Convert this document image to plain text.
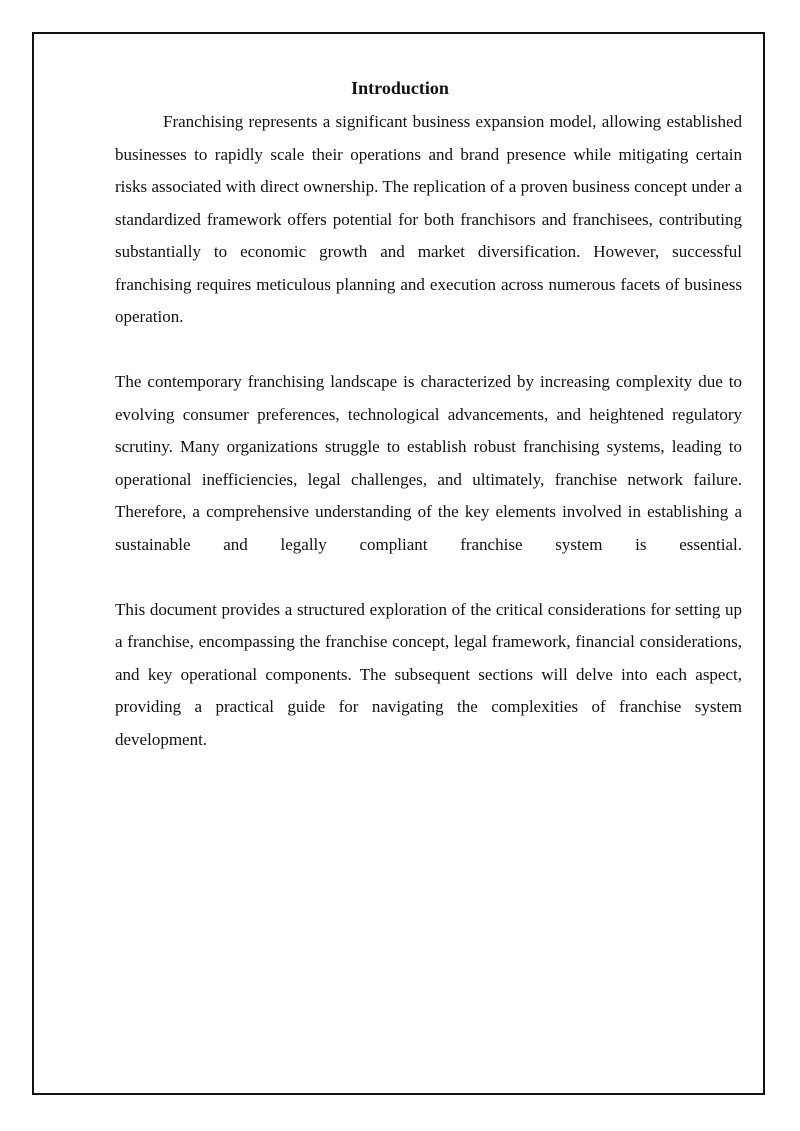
Introduction

Franchising represents a significant business expansion model, allowing established businesses to rapidly scale their operations and brand presence while mitigating certain risks associated with direct ownership. The replication of a proven business concept under a standardized framework offers potential for both franchisors and franchisees, contributing substantially to economic growth and market diversification. However, successful franchising requires meticulous planning and execution across numerous facets of business operation.

The contemporary franchising landscape is characterized by increasing complexity due to evolving consumer preferences, technological advancements, and heightened regulatory scrutiny. Many organizations struggle to establish robust franchising systems, leading to operational inefficiencies, legal challenges, and ultimately, franchise network failure. Therefore, a comprehensive understanding of the key elements involved in establishing a sustainable and legally compliant franchise system is essential.

This document provides a structured exploration of the critical considerations for setting up a franchise, encompassing the franchise concept, legal framework, financial considerations, and key operational components. The subsequent sections will delve into each aspect, providing a practical guide for navigating the complexities of franchise system development.
